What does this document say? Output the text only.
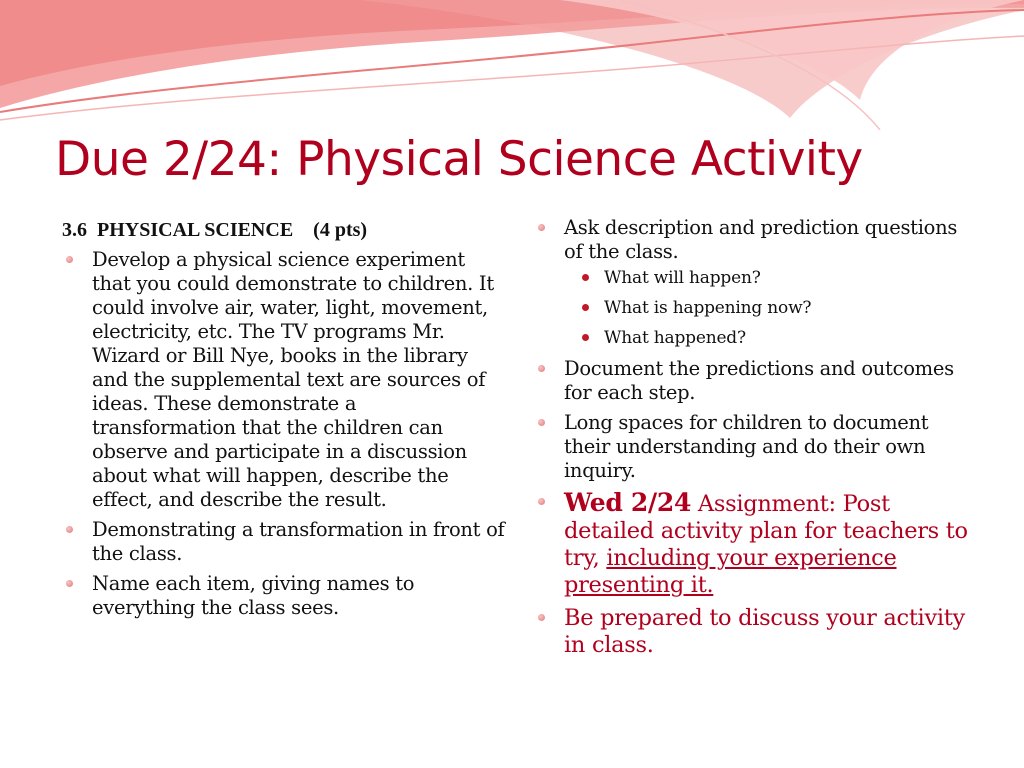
Due 2/24: Physical Science Activity
3.6  PHYSICAL SCIENCE    (4 pts)
Develop a physical science experiment that you could demonstrate to children. It could involve air, water, light, movement, electricity, etc. The TV programs Mr. Wizard or Bill Nye, books in the library and the supplemental text are sources of ideas. These demonstrate a transformation that the children can observe and participate in a discussion about what will happen, describe the effect, and describe the result.
Demonstrating a transformation in front of the class.
Name each item, giving names to everything the class sees.
Ask description and prediction questions of the class.
What will happen?
What is happening now?
What happened?
Document the predictions and outcomes for each step.
Long spaces for children to document their understanding and do their own inquiry.
Wed 2/24 Assignment: Post detailed activity plan for teachers to try, including your experience presenting it.
Be prepared to discuss your activity in class.
